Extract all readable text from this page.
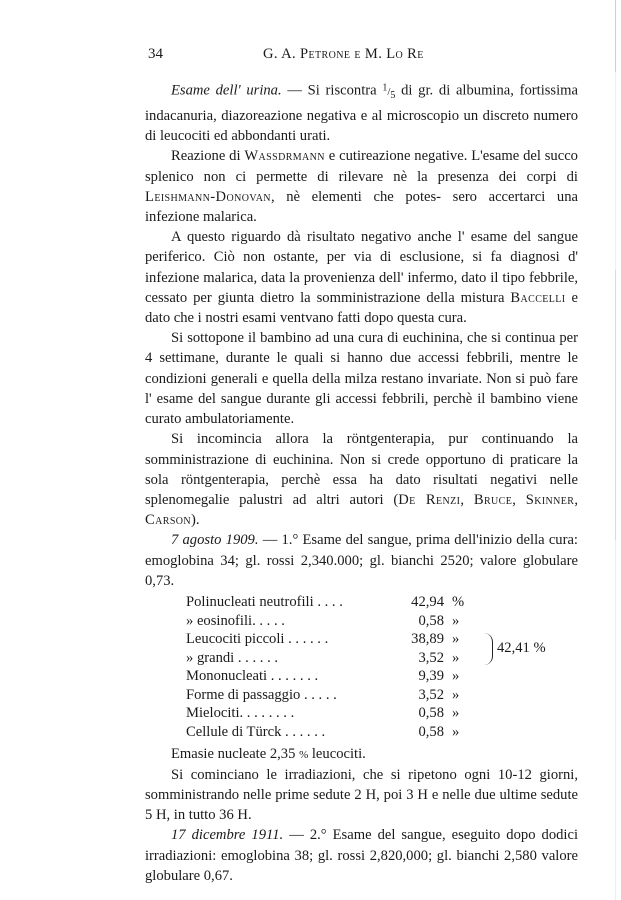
34	G. A. Petrone e M. Lo Re

Esame dell' urina. — Si riscontra $^1/_5$ di gr. di albumina, fortissima indacanuria, diazoreazione negativa e al microscopio un discreto numero di leucociti ed abbondanti urati.

Reazione di Wassdrmann e cutireazione negative. L'esame del succo splenico non ci permette di rilevare nè la presenza dei corpi di Leishmann-Donovan, nè elementi che potes- sero accertarci una infezione malarica.

A questo riguardo dà risultato negativo anche l' esame del sangue periferico. Ciò non ostante, per via di esclusione, si fa diagnosi d' infezione malarica, data la provenienza dell' infermo, dato il tipo febbrile, cessato per giunta dietro la somministrazione della mistura Baccelli e dato che i nostri esami ventvano fatti dopo questa cura.

Si sottopone il bambino ad una cura di euchinina, che si continua per 4 settimane, durante le quali si hanno due accessi febbrili, mentre le condizioni generali e quella della milza restano invariate. Non si può fare l' esame del sangue durante gli accessi febbrili, perchè il bambino viene curato ambulatoriamente.

Si incomincia allora la röntgenterapia, pur continuando la somministrazione di euchinina. Non si crede opportuno di praticare la sola röntgenterapia, perchè essa ha dato risultati negativi nelle splenomegalie palustri ad altri autori (De Renzi, Bruce, Skinner, Carson).

7 agosto 1909. — 1.° Esame del sangue, prima dell'inizio della cura: emoglobina 34; gl. rossi 2,340.000; gl. bianchi 2520; valore globulare 0,73.

Polinucleati neutrofili . . . .	42,94	%	
» eosinofili. . . . .	0,58	»	
Leucociti piccoli . . . . . .	38,89	»	42,41 %

» grandi . . . . . .	3,52	»	
Mononucleati . . . . . . .	9,39	»	
Forme di passaggio . . . . .	3,52	»	
Mielociti. . . . . . . .	0,58	»	
Cellule di Türck . . . . . .	0,58	»	

Emasie nucleate 2,35 % leucociti.

Si cominciano le irradiazioni, che si ripetono ogni 10-12 giorni, somministrando nelle prime sedute 2 H, poi 3 H e nelle due ultime sedute 5 H, in tutto 36 H.

17 dicembre 1911. — 2.° Esame del sangue, eseguito dopo dodici irradiazioni: emoglobina 38; gl. rossi 2,820,000; gl. bianchi 2,580 valore globulare 0,67.
